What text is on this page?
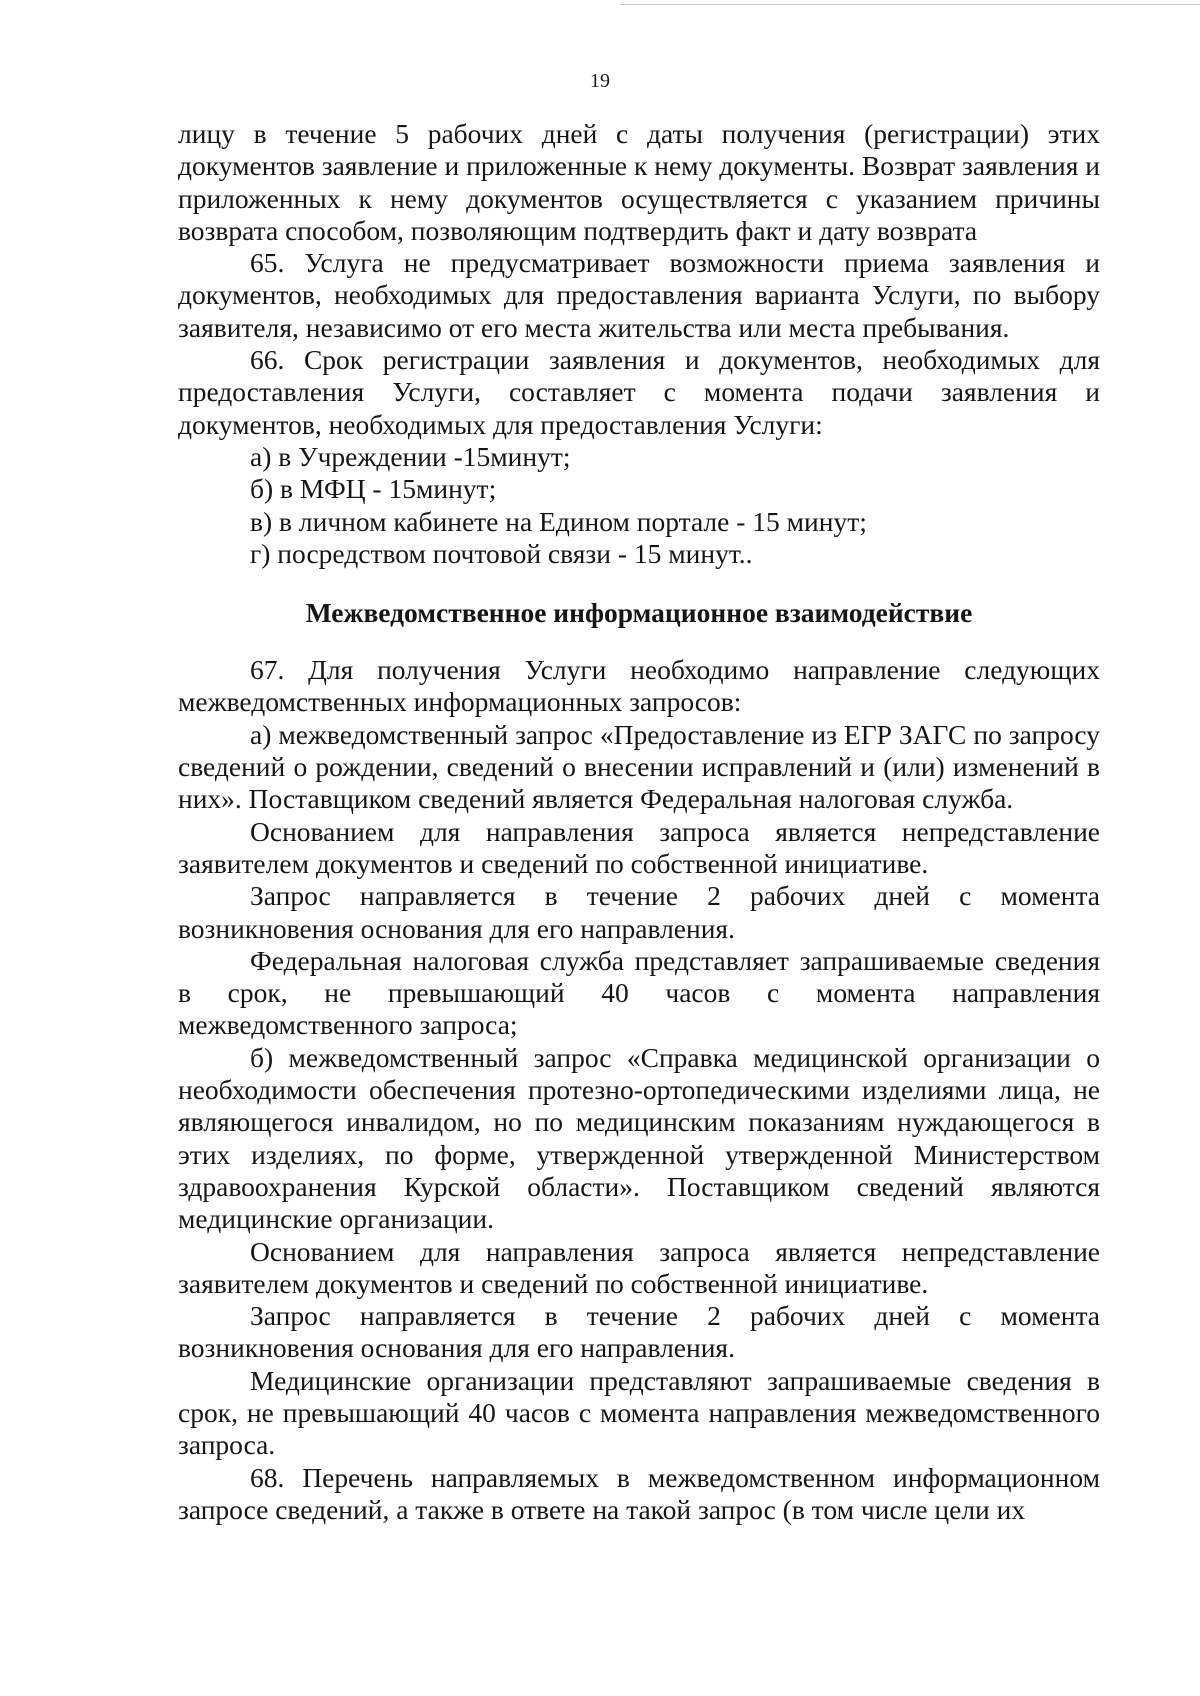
19

лицу в течение 5 рабочих дней с даты получения (регистрации) этих документов заявление и приложенные к нему документы. Возврат заявления и приложенных к нему документов осуществляется с указанием причины возврата способом, позволяющим подтвердить факт и дату возврата

65. Услуга не предусматривает возможности приема заявления и документов, необходимых для предоставления варианта Услуги, по выбору заявителя, независимо от его места жительства или места пребывания.

66. Срок регистрации заявления и документов, необходимых для предоставления Услуги, составляет с момента подачи заявления и документов, необходимых для предоставления Услуги:

а) в Учреждении -15минут;

б) в МФЦ - 15минут;

в) в личном кабинете на Едином портале - 15 минут;

г) посредством почтовой связи - 15 минут..

Межведомственное информационное взаимодействие

67. Для получения Услуги необходимо направление следующих межведомственных информационных запросов:

а) межведомственный запрос «Предоставление из ЕГР ЗАГС по запросу сведений о рождении, сведений о внесении исправлений и (или) изменений в них». Поставщиком сведений является Федеральная налоговая служба.

Основанием для направления запроса является непредставление заявителем документов и сведений по собственной инициативе.

Запрос направляется в течение 2 рабочих дней с момента возникновения основания для его направления.

Федеральная налоговая служба представляет запрашиваемые сведения в срок, не превышающий 40 часов с момента направления межведомственного запроса;

б) межведомственный запрос «Справка медицинской организации о необходимости обеспечения протезно-ортопедическими изделиями лица, не являющегося инвалидом, но по медицинским показаниям нуждающегося в этих изделиях, по форме, утвержденной утвержденной Министерством здравоохранения Курской области». Поставщиком сведений являются медицинские организации.

Основанием для направления запроса является непредставление заявителем документов и сведений по собственной инициативе.

Запрос направляется в течение 2 рабочих дней с момента возникновения основания для его направления.

Медицинские организации представляют запрашиваемые сведения в срок, не превышающий 40 часов с момента направления межведомственного запроса.

68. Перечень направляемых в межведомственном информационном запросе сведений, а также в ответе на такой запрос (в том числе цели их
